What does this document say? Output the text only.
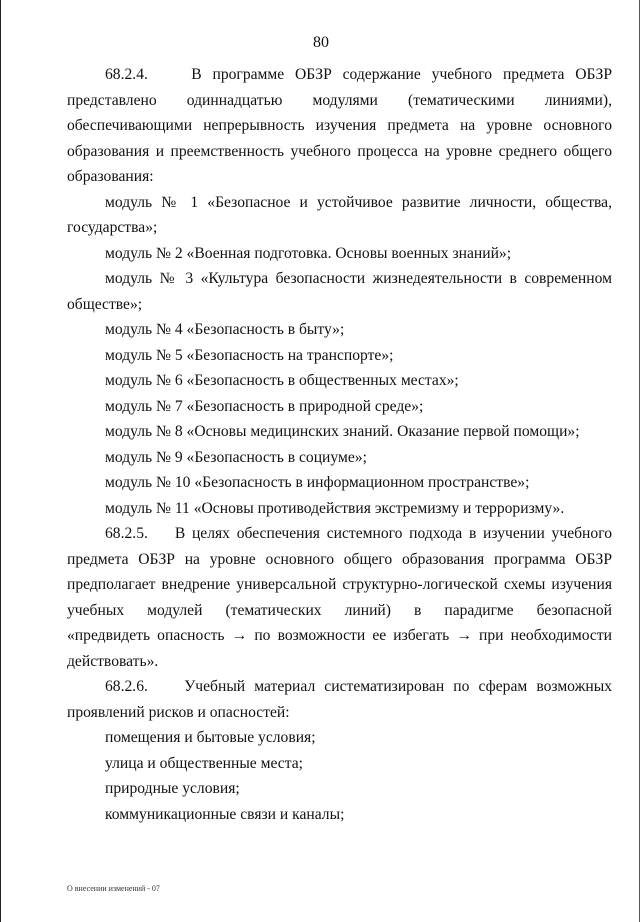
80
68.2.4.    В программе ОБЗР содержание учебного предмета ОБЗР
представлено одиннадцатью модулями (тематическими линиями),
обеспечивающими непрерывность изучения предмета на уровне основного
образования и преемственность учебного процесса на уровне среднего общего
образования:
модуль № 1 «Безопасное и устойчивое развитие личности, общества,
государства»;
модуль № 2 «Военная подготовка. Основы военных знаний»;
модуль № 3 «Культура безопасности жизнедеятельности в современном
обществе»;
модуль № 4 «Безопасность в быту»;
модуль № 5 «Безопасность на транспорте»;
модуль № 6 «Безопасность в общественных местах»;
модуль № 7 «Безопасность в природной среде»;
модуль № 8 «Основы медицинских знаний. Оказание первой помощи»;
модуль № 9 «Безопасность в социуме»;
модуль № 10 «Безопасность в информационном пространстве»;
модуль № 11 «Основы противодействия экстремизму и терроризму».
68.2.5.    В целях обеспечения системного подхода в изучении учебного
предмета ОБЗР на уровне основного общего образования программа ОБЗР
предполагает внедрение универсальной структурно-логической схемы изучения
учебных модулей (тематических линий) в парадигме безопасной
«предвидеть опасность → по возможности ее избегать → при необходимости
действовать».
68.2.6.    Учебный материал систематизирован по сферам возможных
проявлений рисков и опасностей:
помещения и бытовые условия;
улица и общественные места;
природные условия;
коммуникационные связи и каналы;
О внесении изменений - 07
